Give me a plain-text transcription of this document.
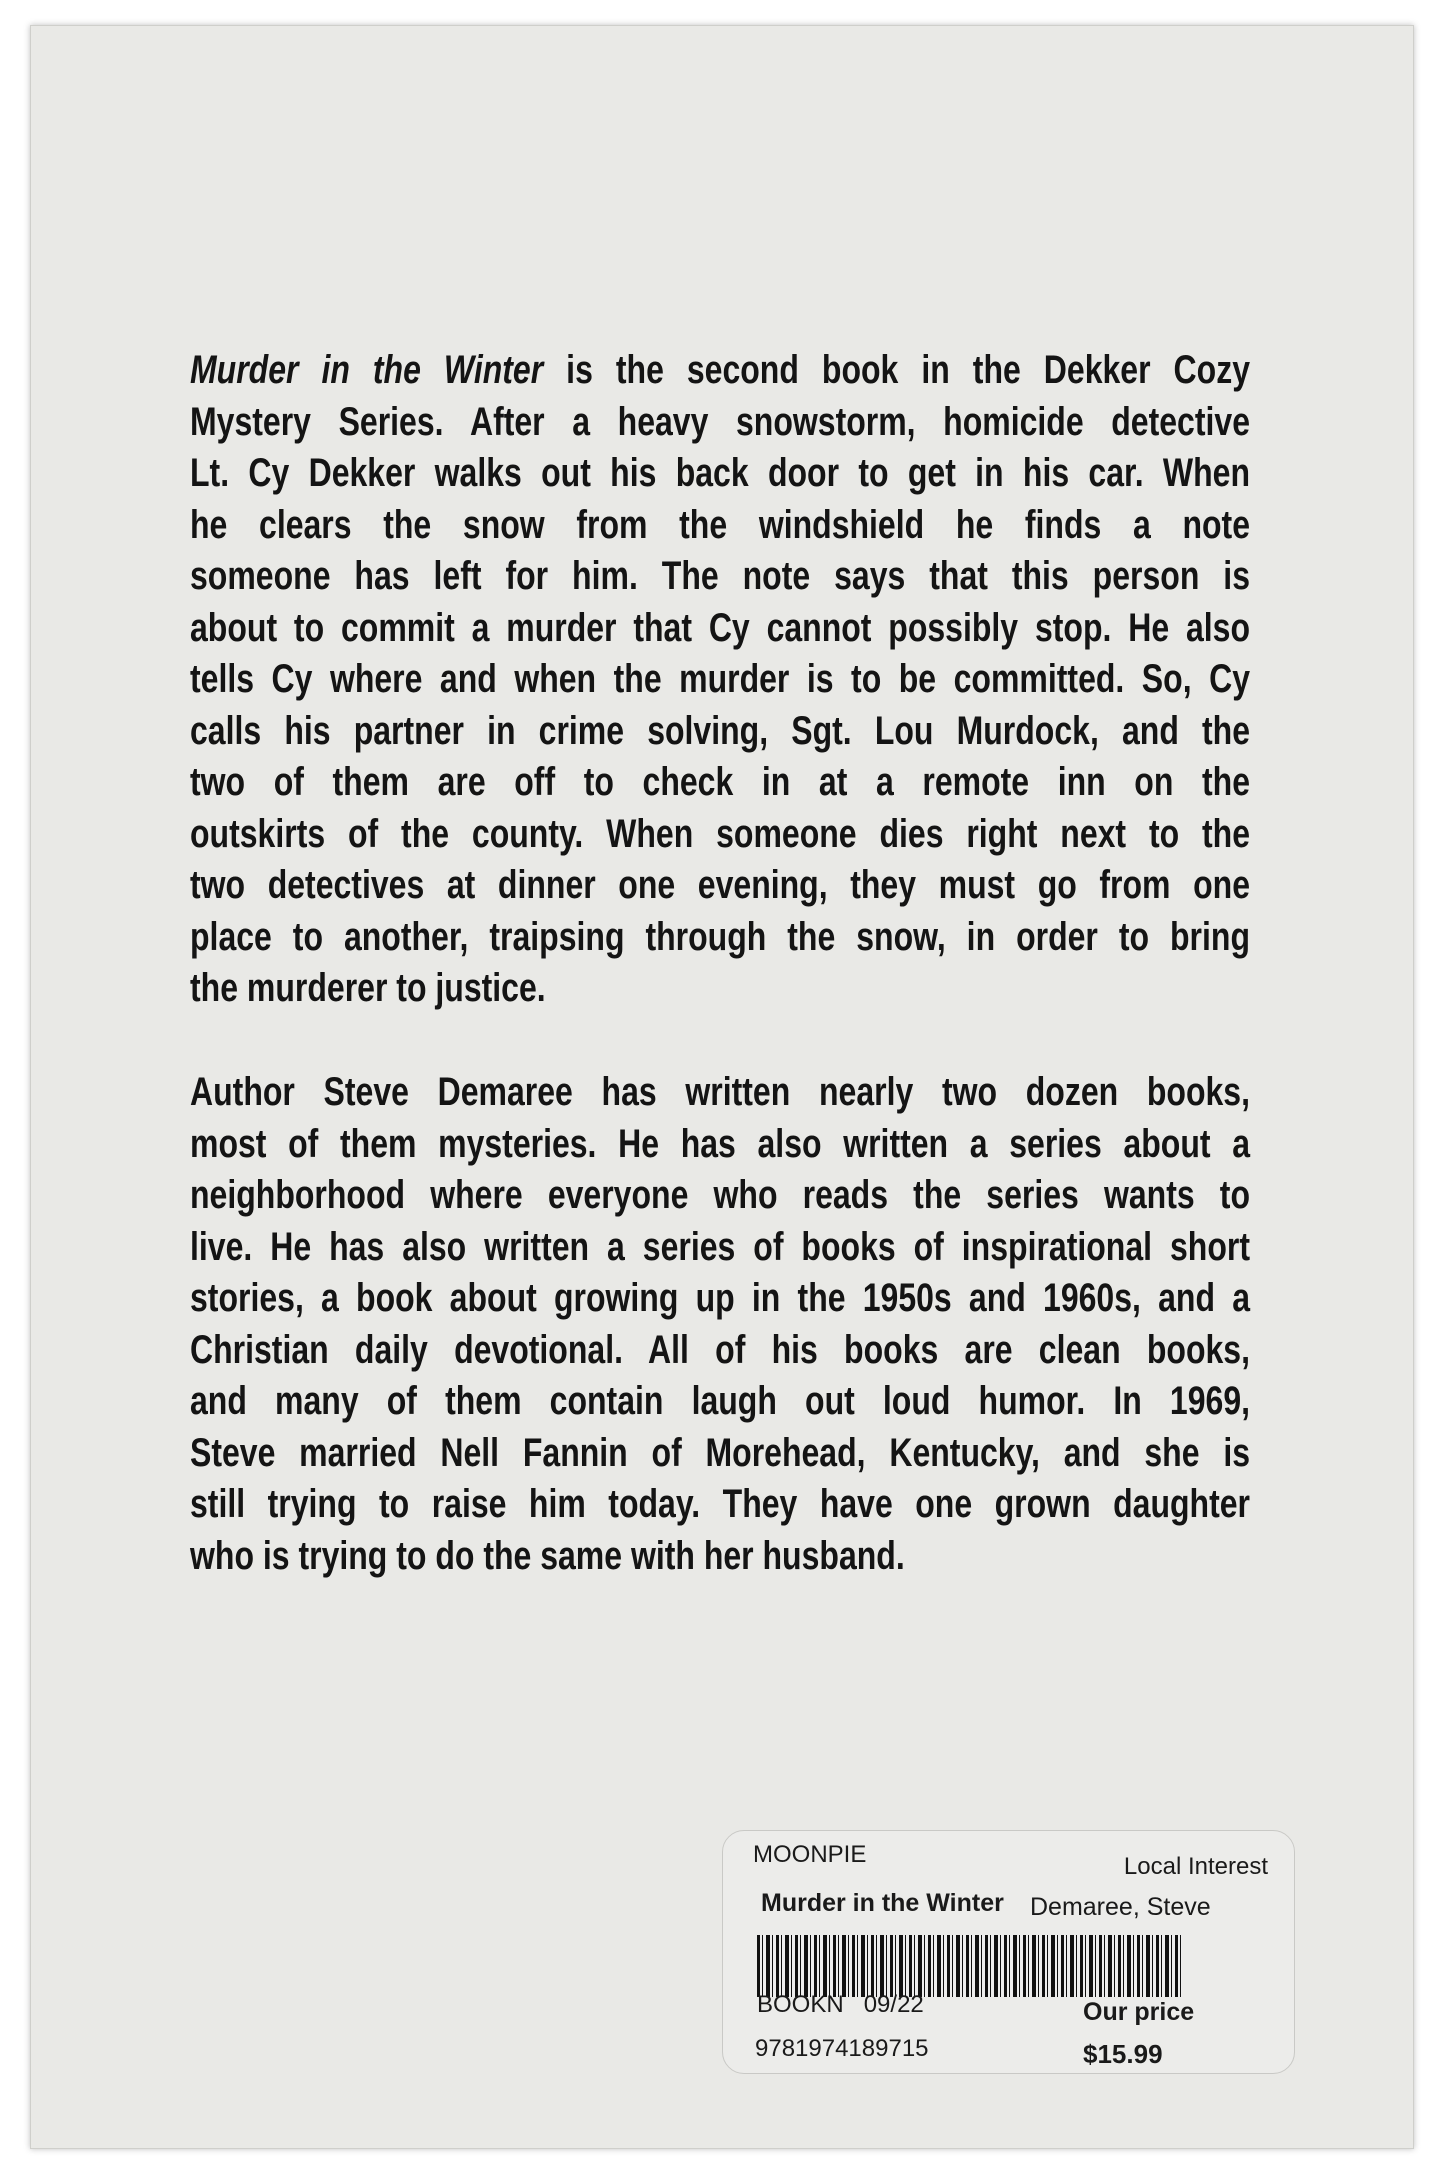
Murder in the Winter is the second book in the Dekker Cozy
Mystery Series. After a heavy snowstorm, homicide detective
Lt. Cy Dekker walks out his back door to get in his car. When
he clears the snow from the windshield he finds a note
someone has left for him. The note says that this person is
about to commit a murder that Cy cannot possibly stop. He also
tells Cy where and when the murder is to be committed. So, Cy
calls his partner in crime solving, Sgt. Lou Murdock, and the
two of them are off to check in at a remote inn on the
outskirts of the county. When someone dies right next to the
two detectives at dinner one evening, they must go from one
place to another, traipsing through the snow, in order to bring
the murderer to justice.
Author Steve Demaree has written nearly two dozen books,
most of them mysteries. He has also written a series about a
neighborhood where everyone who reads the series wants to
live. He has also written a series of books of inspirational short
stories, a book about growing up in the 1950s and 1960s, and a
Christian daily devotional. All of his books are clean books,
and many of them contain laugh out loud humor. In 1969,
Steve married Nell Fannin of Morehead, Kentucky, and she is
still trying to raise him today. They have one grown daughter
who is trying to do the same with her husband.
MOONPIE	Local Interest
Murder in the Winter Demaree, Steve
BOOKN 09/22	Our price
9781974189715	$15.99
